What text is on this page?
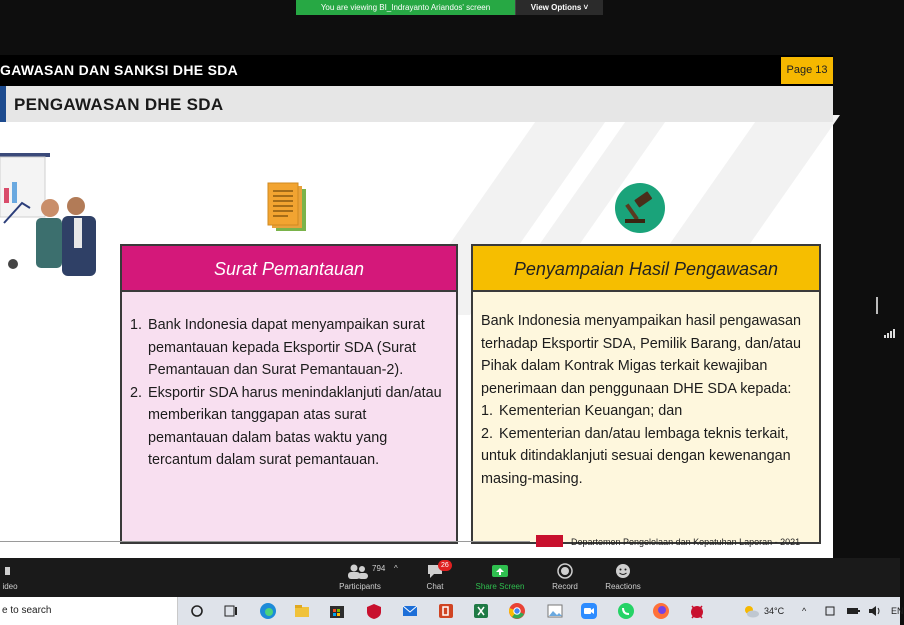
You are viewing BI_Indrayanto Ariandos' screen	View Options ˅
GAWASAN DAN SANKSI DHE SDA	Page 13
PENGAWASAN DHE SDA
Surat Pemantauan
1. Bank Indonesia dapat menyampaikan surat pemantauan kepada Eksportir SDA (Surat Pemantauan dan Surat Pemantauan-2).
2. Eksportir SDA harus menindaklanjuti dan/atau memberikan tanggapan atas surat pemantauan dalam batas waktu yang tercantum dalam surat pemantauan.
Penyampaian Hasil Pengawasan
Bank Indonesia menyampaikan hasil pengawasan terhadap Eksportir SDA, Pemilik Barang, dan/atau Pihak dalam Kontrak Migas terkait kewajiban penerimaan dan penggunaan DHE SDA kepada:
1. Kementerian Keuangan; dan
2. Kementerian dan/atau lembaga teknis terkait,
untuk ditindaklanjuti sesuai dengan kewenangan masing-masing.
Departemen Pengelolaan dan Kepatuhan Laporan - 2021
ideo	Participants
794 ^
Chat
26
Share Screen	Record	Reactions
e to search	34°C ^	EN
